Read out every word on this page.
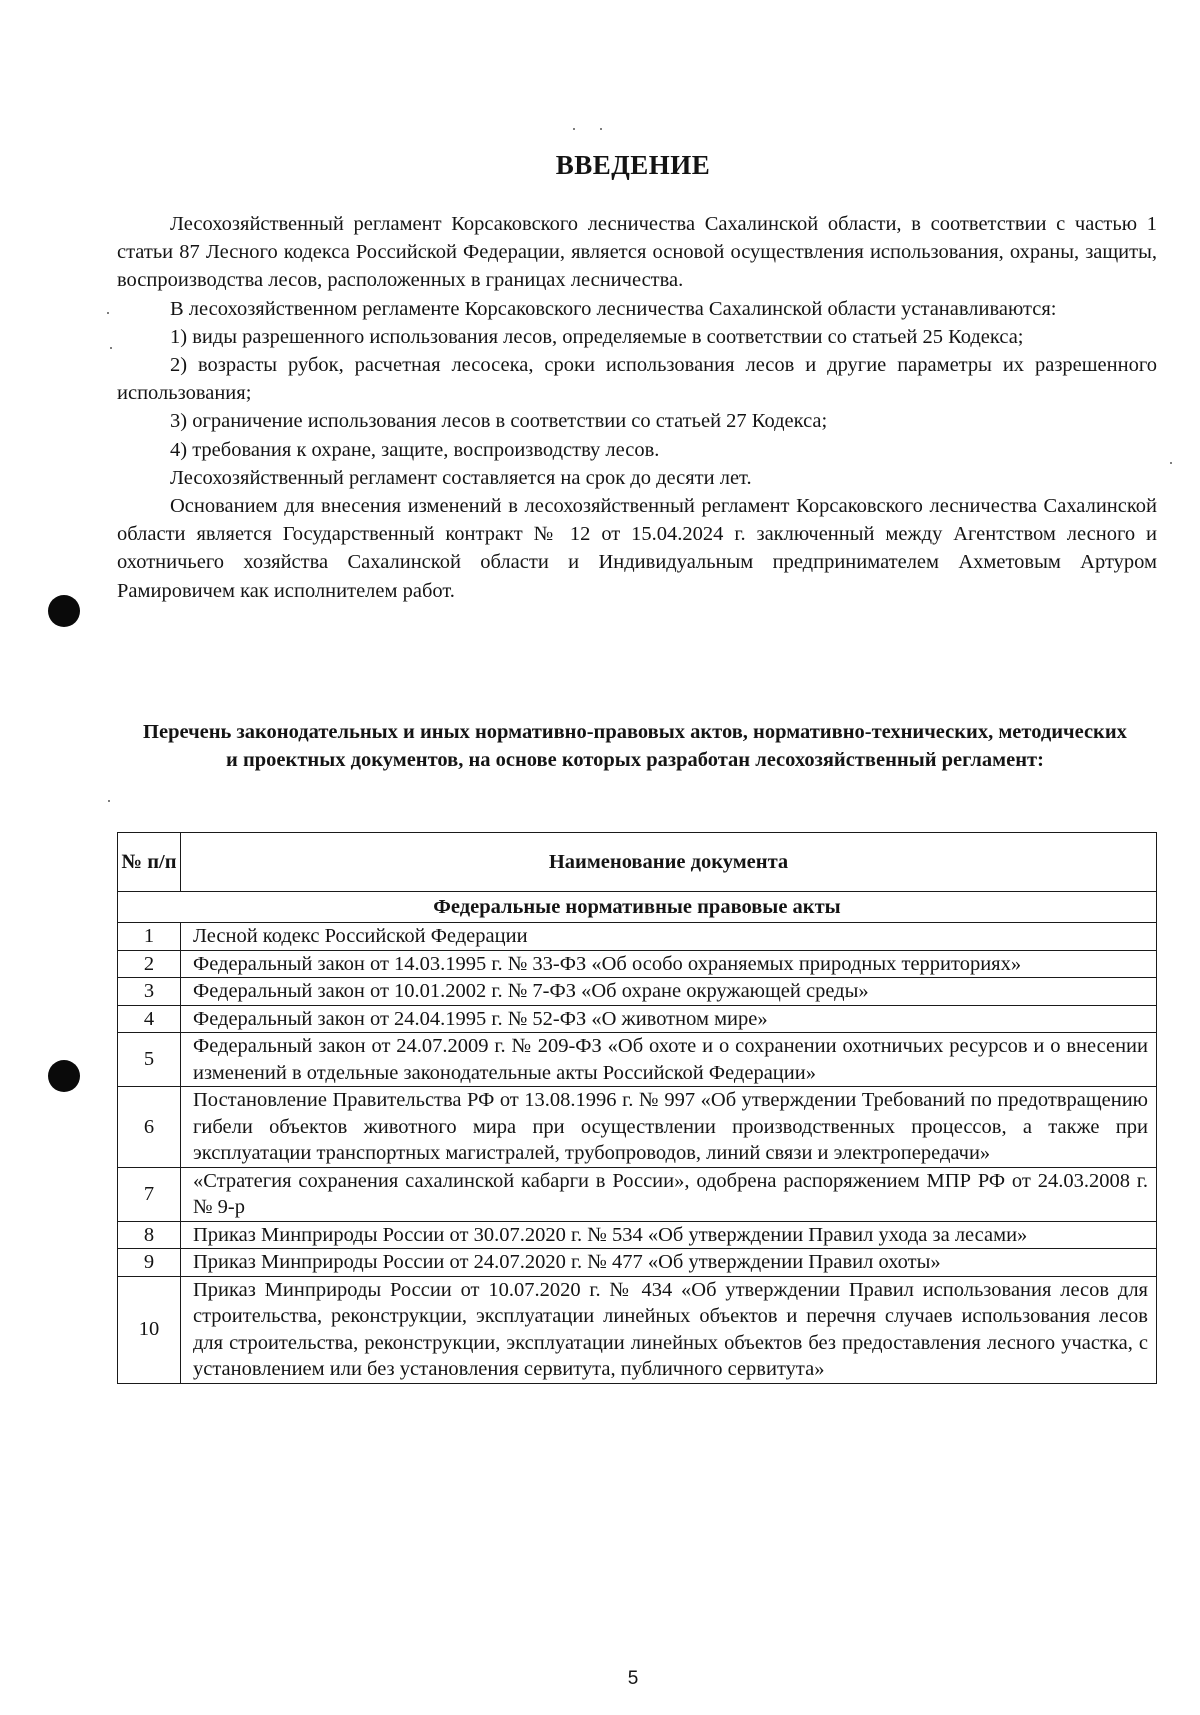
ВВЕДЕНИЕ

Лесохозяйственный регламент Корсаковского лесничества Сахалинской области, в соответствии с частью 1 статьи 87 Лесного кодекса Российской Федерации, является основой осуществления использования, охраны, защиты, воспроизводства лесов, расположенных в границах лесничества.

В лесохозяйственном регламенте Корсаковского лесничества Сахалинской области устанавливаются:

1) виды разрешенного использования лесов, определяемые в соответствии со статьей 25 Кодекса;

2) возрасты рубок, расчетная лесосека, сроки использования лесов и другие параметры их разрешенного использования;

3) ограничение использования лесов в соответствии со статьей 27 Кодекса;

4) требования к охране, защите, воспроизводству лесов.

Лесохозяйственный регламент составляется на срок до десяти лет.

Основанием для внесения изменений в лесохозяйственный регламент Корсаковского лесничества Сахалинской области является Государственный контракт № 12 от 15.04.2024 г. заключенный между Агентством лесного и охотничьего хозяйства Сахалинской области и Индивидуальным предпринимателем Ахметовым Артуром Рамировичем как исполнителем работ.

Перечень законодательных и иных нормативно-правовых актов, нормативно-технических, методических и проектных документов, на основе которых разработан лесохозяйственный регламент:
№ п/п	Наименование документа
Федеральные нормативные правовые акты	
1	Лесной кодекс Российской Федерации
2	Федеральный закон от 14.03.1995 г. № 33-ФЗ «Об особо охраняемых природных территориях»
3	Федеральный закон от 10.01.2002 г. № 7-ФЗ «Об охране окружающей среды»
4	Федеральный закон от 24.04.1995 г. № 52-ФЗ «О животном мире»
5	Федеральный закон от 24.07.2009 г. № 209-ФЗ «Об охоте и о сохранении охотничьих ресурсов и о внесении изменений в отдельные законодательные акты Российской Федерации»
6	Постановление Правительства РФ от 13.08.1996 г. № 997 «Об утверждении Требований по предотвращению гибели объектов животного мира при осуществлении производственных процессов, а также при эксплуатации транспортных магистралей, трубопроводов, линий связи и электропередачи»
7	«Стратегия сохранения сахалинской кабарги в России», одобрена распоряжением МПР РФ от 24.03.2008 г. № 9-р
8	Приказ Минприроды России от 30.07.2020 г. № 534 «Об утверждении Правил ухода за лесами»
9	Приказ Минприроды России от 24.07.2020 г. № 477 «Об утверждении Правил охоты»
10	Приказ Минприроды России от 10.07.2020 г. № 434 «Об утверждении Правил использования лесов для строительства, реконструкции, эксплуатации линейных объектов и перечня случаев использования лесов для строительства, реконструкции, эксплуатации линейных объектов без предоставления лесного участка, с установлением или без установления сервитута, публичного сервитута»
5
